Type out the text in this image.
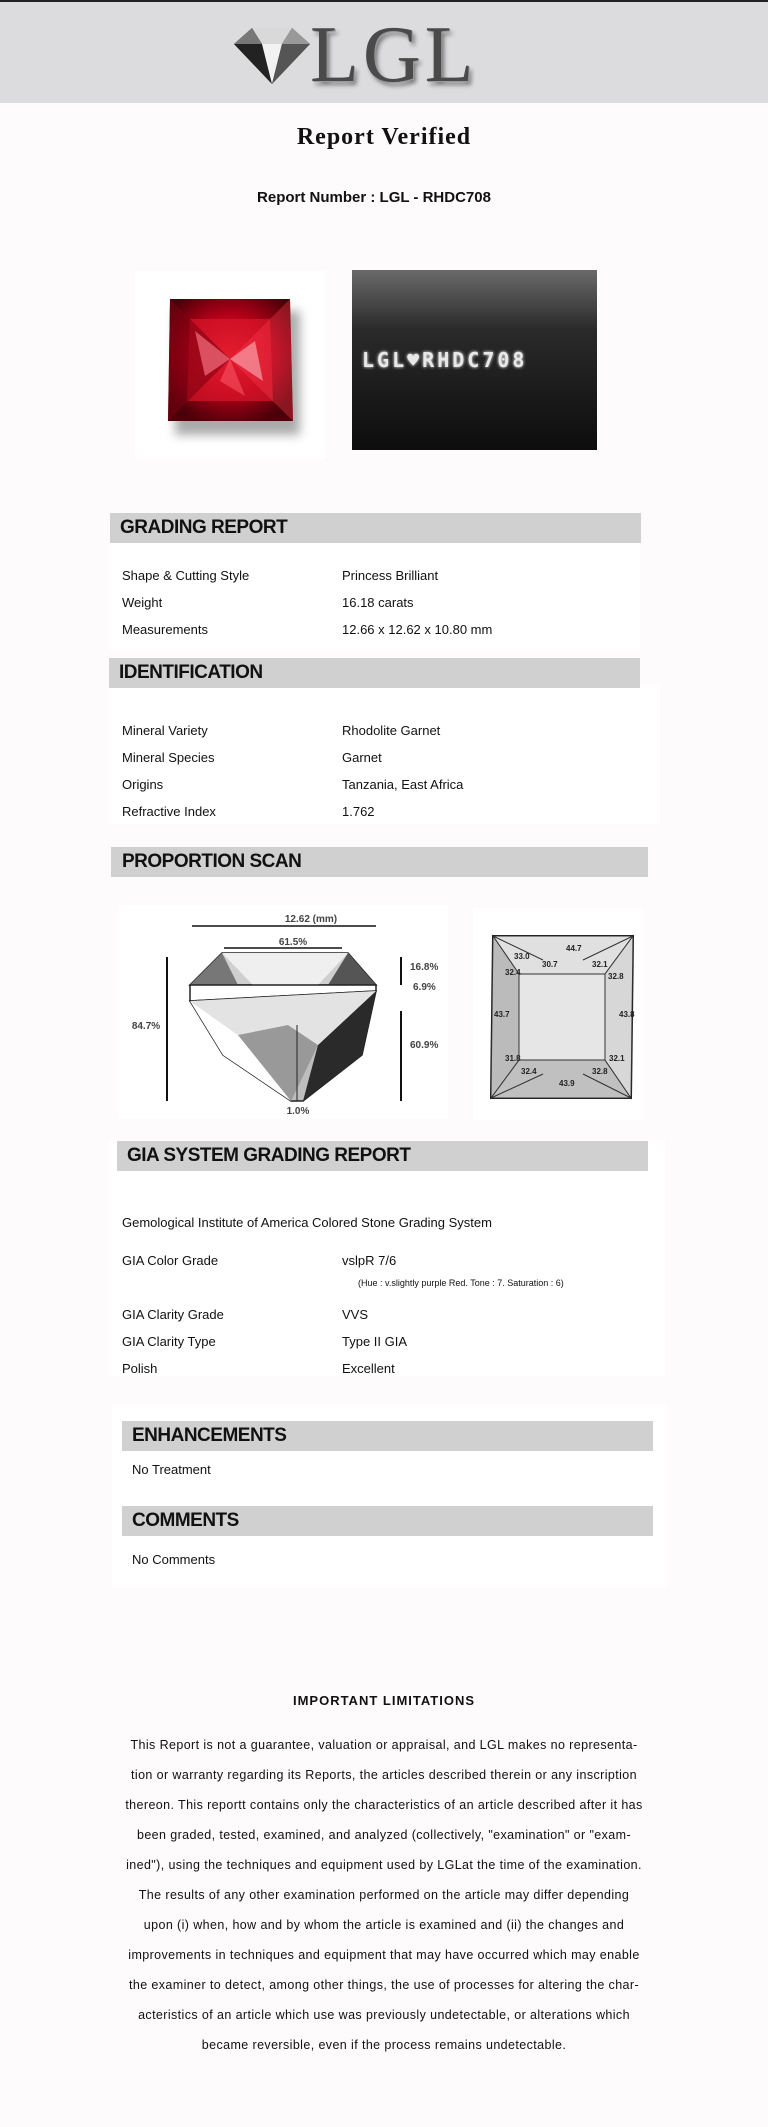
LGL
Report Verified
Report Number : LGL - RHDC708
LGL♥RHDC708
GRADING REPORT
Shape & Cutting Style	Princess Brilliant
Weight	16.18 carats
Measurements	12.66 x 12.62 x 10.80 mm
IDENTIFICATION
Mineral Variety	Rhodolite Garnet
Mineral Species	Garnet
Origins	Tanzania, East Africa
Refractive Index	1.762
PROPORTION SCAN
12.62 (mm)
61.5%
84.7%
16.8%
6.9%
60.9%
1.0%
33.0
44.7
32.4
30.7	32.1
32.8
43.7	43.8
31.8	32.1
32.4	32.8
43.9
GIA SYSTEM GRADING REPORT
Gemological Institute of America Colored Stone Grading System
GIA Color Grade	vslpR 7/6
(Hue : v.slightly purple Red. Tone : 7. Saturation : 6)
GIA Clarity Grade	VVS
GIA Clarity Type	Type II GIA
Polish	Excellent
ENHANCEMENTS
No Treatment
COMMENTS
No Comments
IMPORTANT LIMITATIONS
This Report is not a guarantee, valuation or appraisal, and LGL makes no representa-
tion or warranty regarding its Reports, the articles described therein or any inscription
thereon. This reportt contains only the characteristics of an article described after it has
been graded, tested, examined, and analyzed (collectively, "examination" or "exam-
ined"), using the techniques and equipment used by LGLat the time of the examination.
The results of any other examination performed on the article may differ depending
upon (i) when, how and by whom the article is examined and (ii) the changes and
improvements in techniques and equipment that may have occurred which may enable
the examiner to detect, among other things, the use of processes for altering the char-
acteristics of an article which use was previously undetectable, or alterations which
became reversible, even if the process remains undetectable.
